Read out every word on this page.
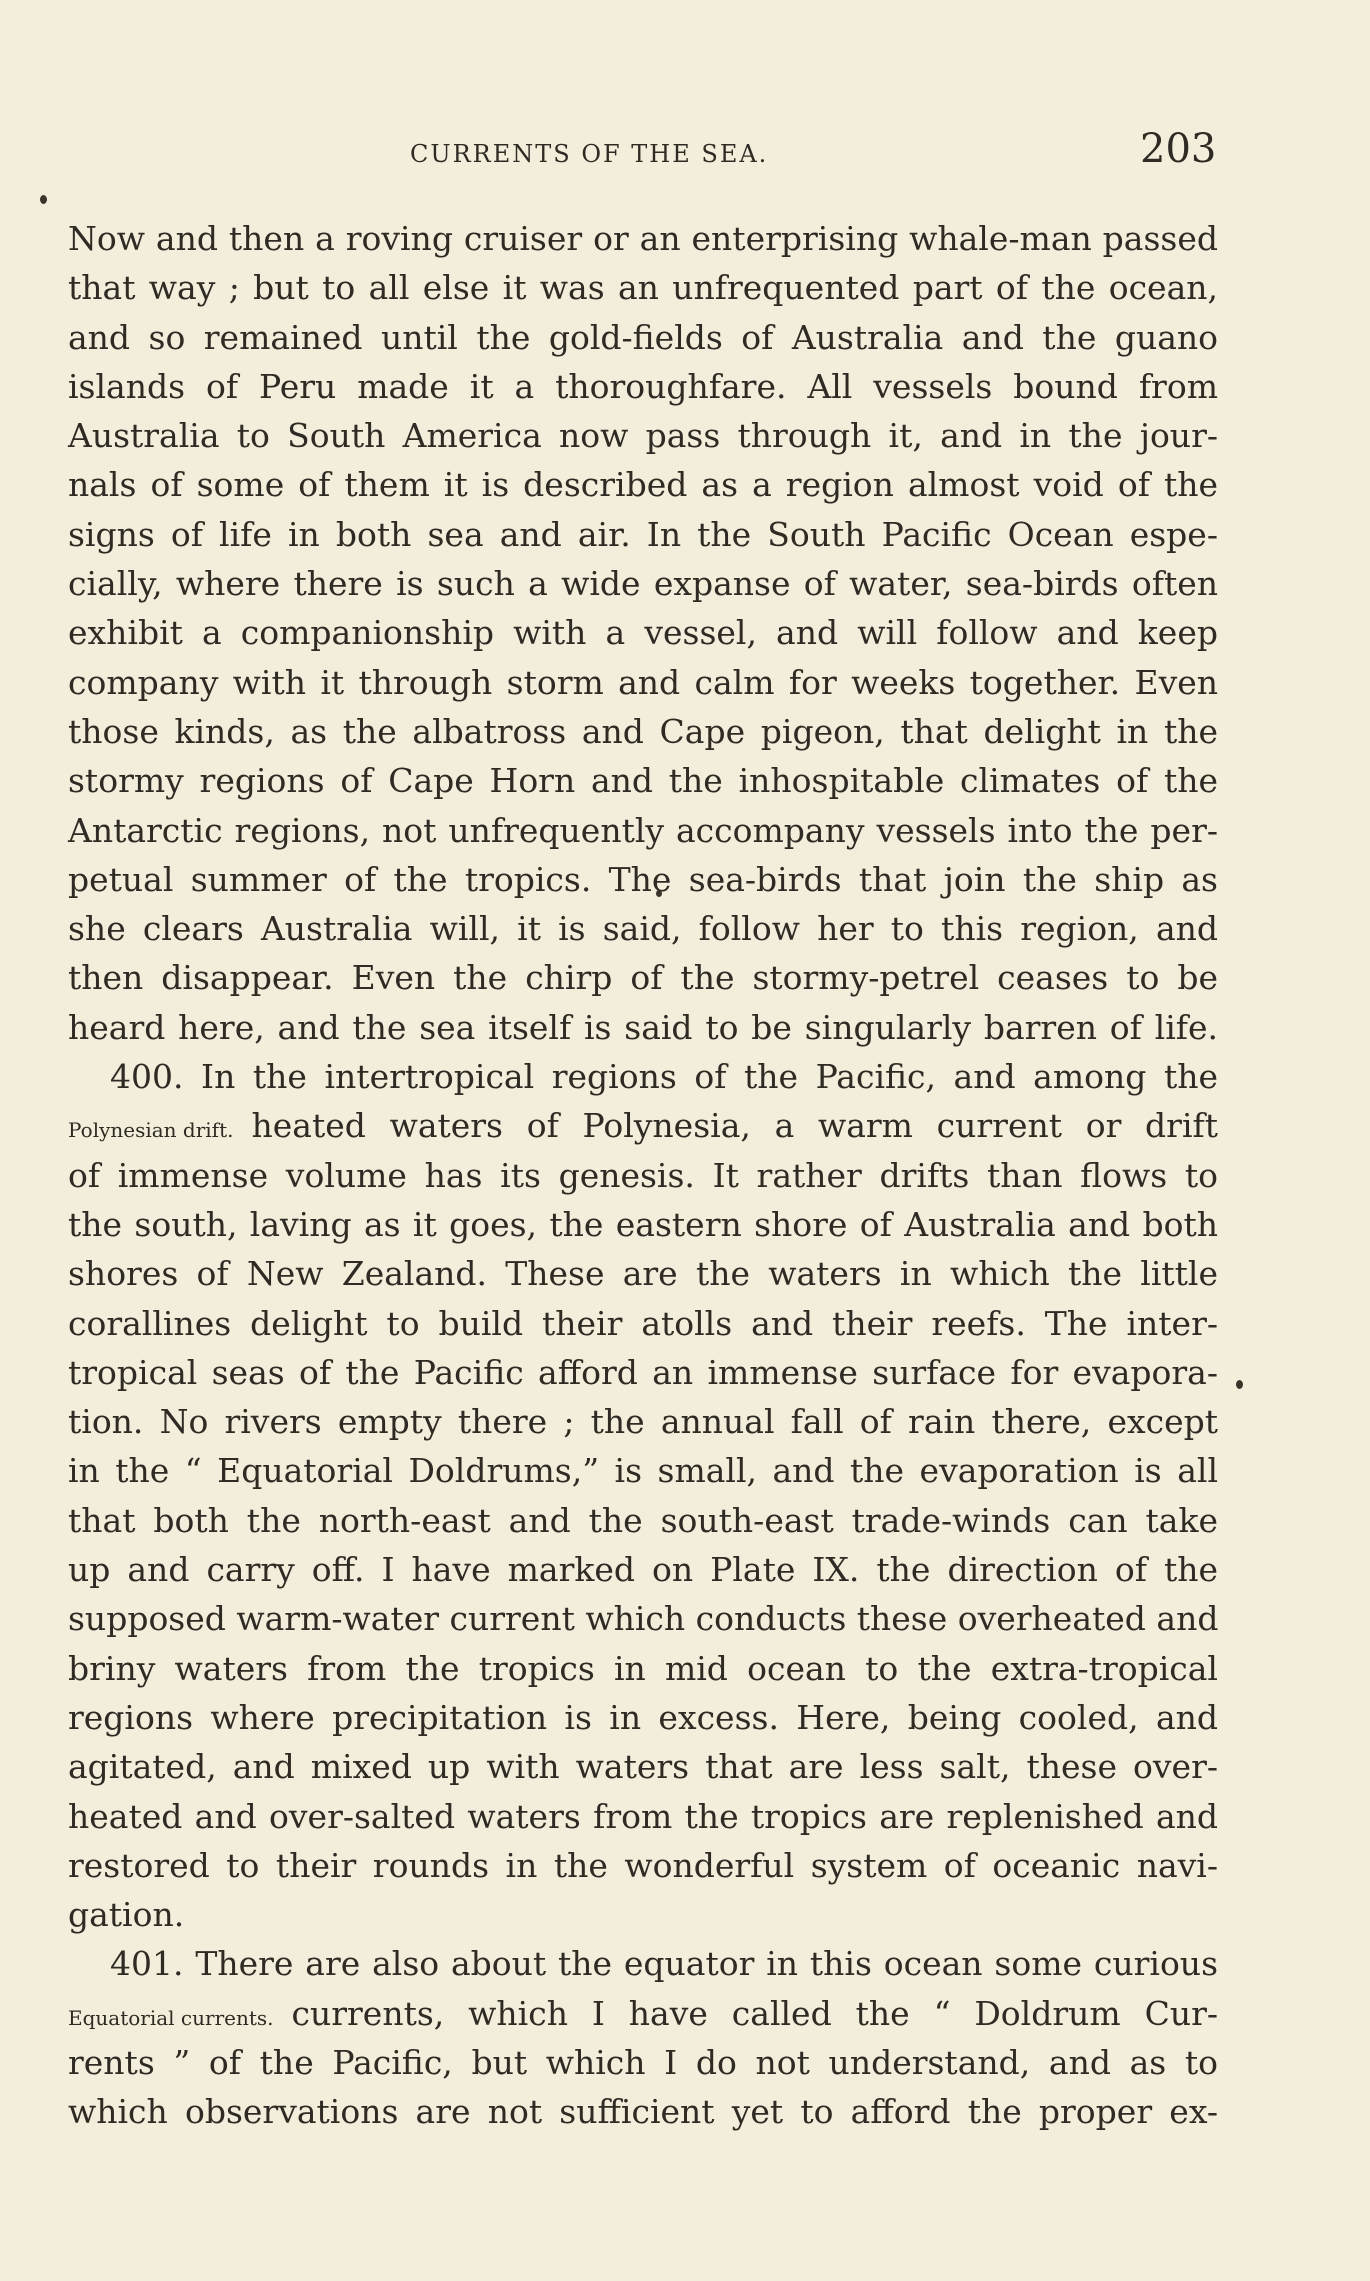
CURRENTS OF THE SEA.	203
Now and then a roving cruiser or an enterprising whale-man passed
that way ; but to all else it was an unfrequented part of the ocean,
and so remained until the gold-fields of Australia and the guano
islands of Peru made it a thoroughfare. All vessels bound from
Australia to South America now pass through it, and in the jour-
nals of some of them it is described as a region almost void of the
signs of life in both sea and air. In the South Pacific Ocean espe-
cially, where there is such a wide expanse of water, sea-birds often
exhibit a companionship with a vessel, and will follow and keep
company with it through storm and calm for weeks together. Even
those kinds, as the albatross and Cape pigeon, that delight in the
stormy regions of Cape Horn and the inhospitable climates of the
Antarctic regions, not unfrequently accompany vessels into the per-
petual summer of the tropics. The sea-birds that join the ship as
she clears Australia will, it is said, follow her to this region, and
then disappear. Even the chirp of the stormy-petrel ceases to be
heard here, and the sea itself is said to be singularly barren of life.
400. In the intertropical regions of the Pacific, and among the
Polynesian drift. heated waters of Polynesia, a warm current or drift
of immense volume has its genesis. It rather drifts than flows to
the south, laving as it goes, the eastern shore of Australia and both
shores of New Zealand. These are the waters in which the little
corallines delight to build their atolls and their reefs. The inter-
tropical seas of the Pacific afford an immense surface for evapora-
tion. No rivers empty there ; the annual fall of rain there, except
in the “ Equatorial Doldrums,” is small, and the evaporation is all
that both the north-east and the south-east trade-winds can take
up and carry off. I have marked on Plate IX. the direction of the
supposed warm-water current which conducts these overheated and
briny waters from the tropics in mid ocean to the extra-tropical
regions where precipitation is in excess. Here, being cooled, and
agitated, and mixed up with waters that are less salt, these over-
heated and over-salted waters from the tropics are replenished and
restored to their rounds in the wonderful system of oceanic navi-
gation.
401. There are also about the equator in this ocean some curious
Equatorial currents. currents, which I have called the “ Doldrum Cur-
rents ” of the Pacific, but which I do not understand, and as to
which observations are not sufficient yet to afford the proper ex-
